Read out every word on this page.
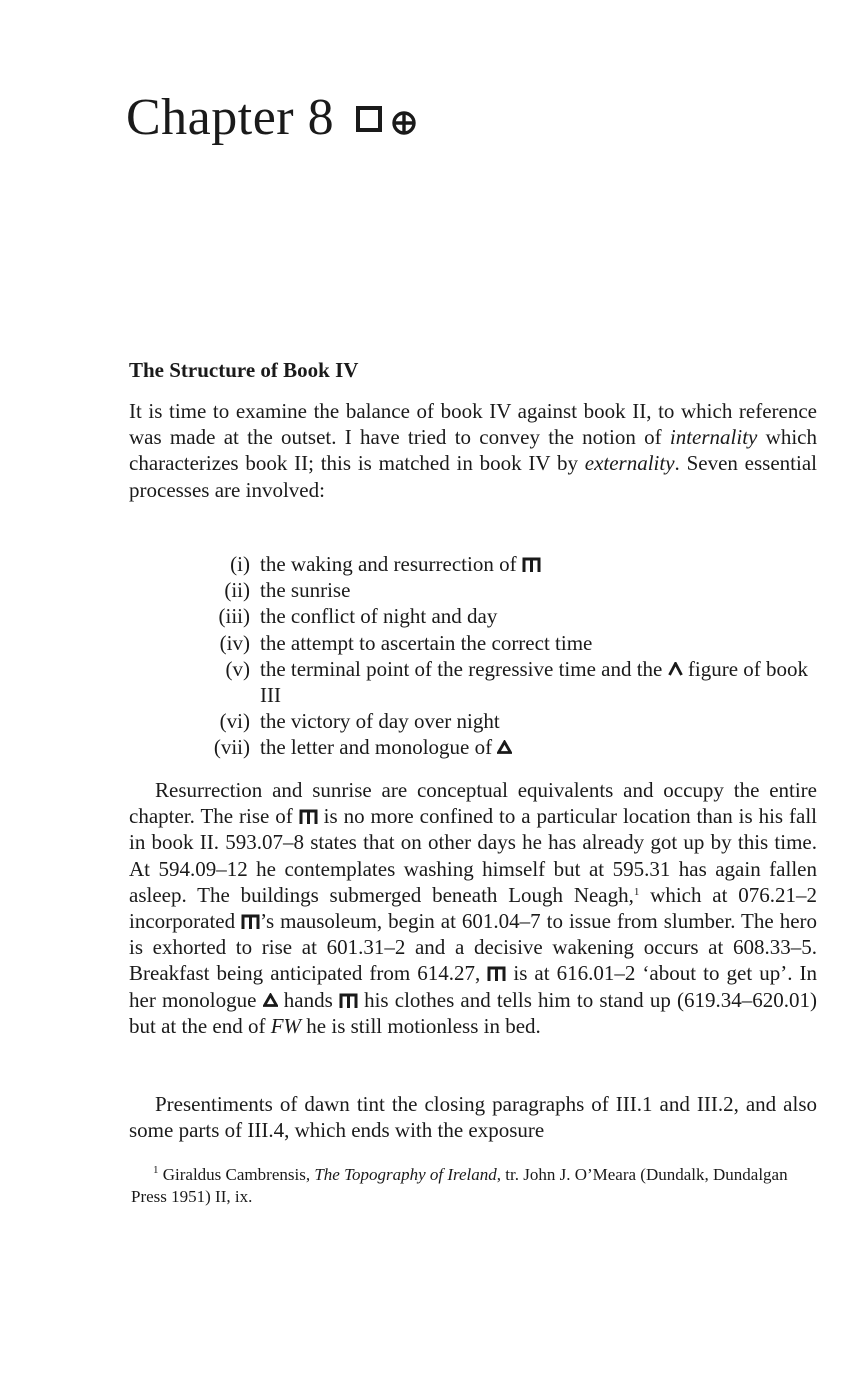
Chapter 8
The Structure of Book IV

It is time to examine the balance of book IV against book II, to which reference was made at the outset. I have tried to convey the notion of internality which characterizes book II; this is matched in book IV by externality. Seven essential processes are involved:

(i) the waking and resurrection of
(ii) the sunrise
(iii) the conflict of night and day
(iv) the attempt to ascertain the correct time
(v) the terminal point of the regressive time and the  figure of book III
(vi) the victory of day over night
(vii) the letter and monologue of

Resurrection and sunrise are conceptual equivalents and occupy the entire chapter. The rise of  is no more confined to a particular location than is his fall in book II. 593.07–8 states that on other days he has already got up by this time. At 594.09–12 he contemplates washing himself but at 595.31 has again fallen asleep. The buildings submerged beneath Lough Neagh,$^1$ which at 076.21–2 incorporated ’s mausoleum, begin at 601.04–7 to issue from slumber. The hero is exhorted to rise at 601.31–2 and a decisive wakening occurs at 608.33–5. Breakfast being anticipated from 614.27,  is at 616.01–2 ‘about to get up’. In her monologue  hands  his clothes and tells him to stand up (619.34–620.01) but at the end of FW he is still motionless in bed.

Presentiments of dawn tint the closing paragraphs of III.1 and III.2, and also some parts of III.4, which ends with the exposure

$^1$ Giraldus Cambrensis, The Topography of Ireland, tr. John J. O’Meara (Dundalk, Dundalgan Press 1951) II, ix.
